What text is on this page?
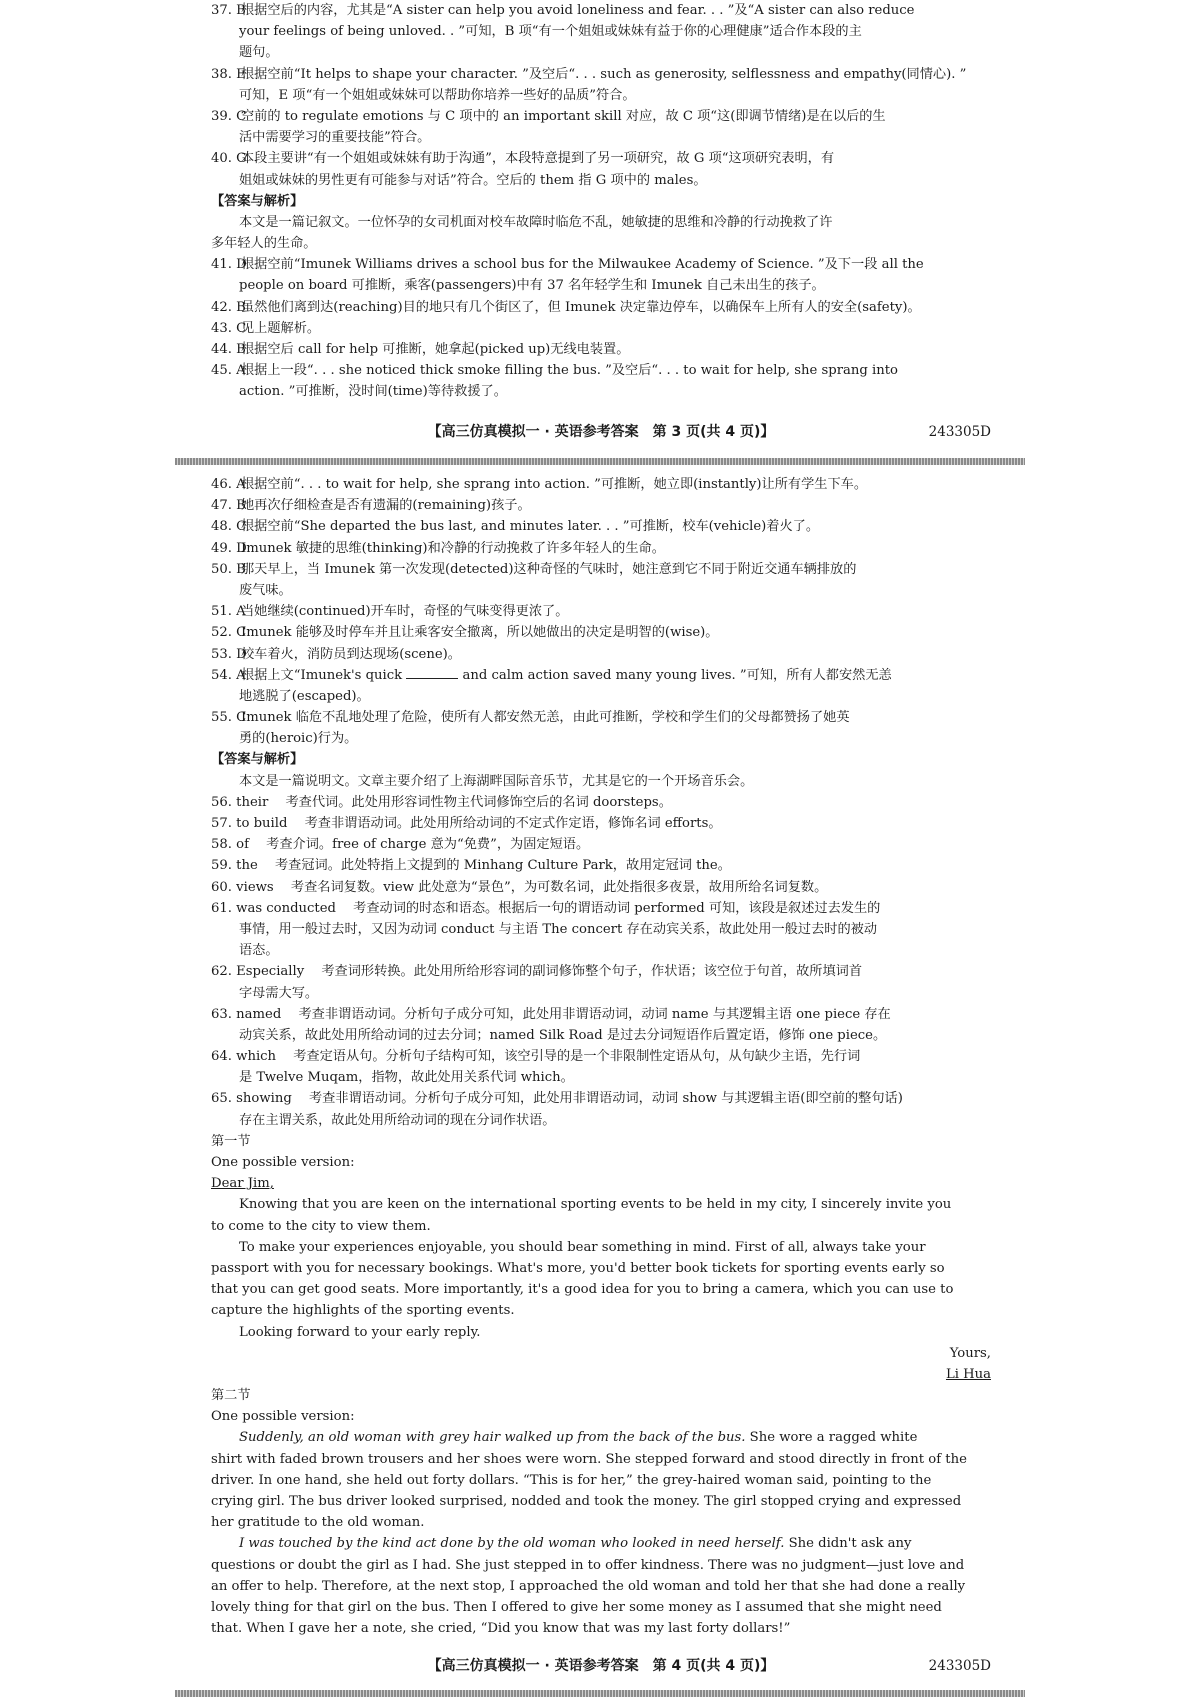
37. B
根据空后的内容，尤其是“A sister can help you avoid loneliness and fear. . . ”及“A sister can also reduce
your feelings of being unloved. . ”可知，B 项“有一个姐姐或妹妹有益于你的心理健康”适合作本段的主
题句。
38. E
根据空前“It helps to shape your character. ”及空后“. . . such as generosity, selflessness and empathy(同情心). ”
可知，E 项“有一个姐姐或妹妹可以帮助你培养一些好的品质”符合。
39. C
空前的 to regulate emotions 与 C 项中的 an important skill 对应，故 C 项“这(即调节情绪)是在以后的生
活中需要学习的重要技能”符合。
40. G
本段主要讲“有一个姐姐或妹妹有助于沟通”，本段特意提到了另一项研究，故 G 项“这项研究表明，有
姐姐或妹妹的男性更有可能参与对话”符合。空后的 them 指 G 项中的 males。
【答案与解析】
本文是一篇记叙文。一位怀孕的女司机面对校车故障时临危不乱，她敏捷的思维和冷静的行动挽救了许
多年轻人的生命。
41. D
根据空前“Imunek Williams drives a school bus for the Milwaukee Academy of Science. ”及下一段 all the
people on board 可推断，乘客(passengers)中有 37 名年轻学生和 Imunek 自己未出生的孩子。
42. B
虽然他们离到达(reaching)目的地只有几个街区了，但 Imunek 决定靠边停车，以确保车上所有人的安全(safety)。
43. C
见上题解析。
44. B
根据空后 call for help 可推断，她拿起(picked up)无线电装置。
45. A
根据上一段“. . . she noticed thick smoke filling the bus. ”及空后“. . . to wait for help, she sprang into
action. ”可推断，没时间(time)等待救援了。
【高三仿真模拟一 · 英语参考答案　第 3 页(共 4 页)】	243305D
46. A
根据空前“. . . to wait for help, she sprang into action. ”可推断，她立即(instantly)让所有学生下车。
47. B
她再次仔细检查是否有遗漏的(remaining)孩子。
48. C
根据空前“She departed the bus last, and minutes later. . . ”可推断，校车(vehicle)着火了。
49. D
Imunek 敏捷的思维(thinking)和冷静的行动挽救了许多年轻人的生命。
50. B
那天早上，当 Imunek 第一次发现(detected)这种奇怪的气味时，她注意到它不同于附近交通车辆排放的
废气味。
51. A
当她继续(continued)开车时，奇怪的气味变得更浓了。
52. C
Imunek 能够及时停车并且让乘客安全撤离，所以她做出的决定是明智的(wise)。
53. D
校车着火，消防员到达现场(scene)。
54. A
根据上文“Imunek's quick	and calm action saved many young lives. ”可知，所有人都安然无恙
地逃脱了(escaped)。
55. C
Imunek 临危不乱地处理了危险，使所有人都安然无恙，由此可推断，学校和学生们的父母都赞扬了她英
勇的(heroic)行为。
【答案与解析】
本文是一篇说明文。文章主要介绍了上海湖畔国际音乐节，尤其是它的一个开场音乐会。
56. their 　考查代词。此处用形容词性物主代词修饰空后的名词 doorsteps。
57. to build 　考查非谓语动词。此处用所给动词的不定式作定语，修饰名词 efforts。
58. of 　考查介词。free of charge 意为“免费”，为固定短语。
59. the 　考查冠词。此处特指上文提到的 Minhang Culture Park，故用定冠词 the。
60. views 　考查名词复数。view 此处意为“景色”，为可数名词，此处指很多夜景，故用所给名词复数。
61. was conducted 　考查动词的时态和语态。根据后一句的谓语动词 performed 可知，该段是叙述过去发生的
事情，用一般过去时，又因为动词 conduct 与主语 The concert 存在动宾关系，故此处用一般过去时的被动
语态。
62. Especially 　考查词形转换。此处用所给形容词的副词修饰整个句子，作状语；该空位于句首，故所填词首
字母需大写。
63. named 　考查非谓语动词。分析句子成分可知，此处用非谓语动词，动词 name 与其逻辑主语 one piece 存在
动宾关系，故此处用所给动词的过去分词；named Silk Road 是过去分词短语作后置定语，修饰 one piece。
64. which 　考查定语从句。分析句子结构可知，该空引导的是一个非限制性定语从句，从句缺少主语，先行词
是 Twelve Muqam，指物，故此处用关系代词 which。
65. showing 　考查非谓语动词。分析句子成分可知，此处用非谓语动词，动词 show 与其逻辑主语(即空前的整句话)
存在主谓关系，故此处用所给动词的现在分词作状语。
第一节
One possible version:
Dear Jim,
Knowing that you are keen on the international sporting events to be held in my city, I sincerely invite you
to come to the city to view them.
To make your experiences enjoyable, you should bear something in mind. First of all, always take your
passport with you for necessary bookings. What's more, you'd better book tickets for sporting events early so
that you can get good seats. More importantly, it's a good idea for you to bring a camera, which you can use to
capture the highlights of the sporting events.
Looking forward to your early reply.
Yours,
Li Hua
第二节
One possible version:
Suddenly, an old woman with grey hair walked up from the back of the bus. She wore a ragged white
shirt with faded brown trousers and her shoes were worn. She stepped forward and stood directly in front of the
driver. In one hand, she held out forty dollars. “This is for her,” the grey-haired woman said, pointing to the
crying girl. The bus driver looked surprised, nodded and took the money. The girl stopped crying and expressed
her gratitude to the old woman.
I was touched by the kind act done by the old woman who looked in need herself. She didn't ask any
questions or doubt the girl as I had. She just stepped in to offer kindness. There was no judgment—just love and
an offer to help. Therefore, at the next stop, I approached the old woman and told her that she had done a really
lovely thing for that girl on the bus. Then I offered to give her some money as I assumed that she might need
that. When I gave her a note, she cried, “Did you know that was my last forty dollars!”
【高三仿真模拟一 · 英语参考答案　第 4 页(共 4 页)】	243305D
